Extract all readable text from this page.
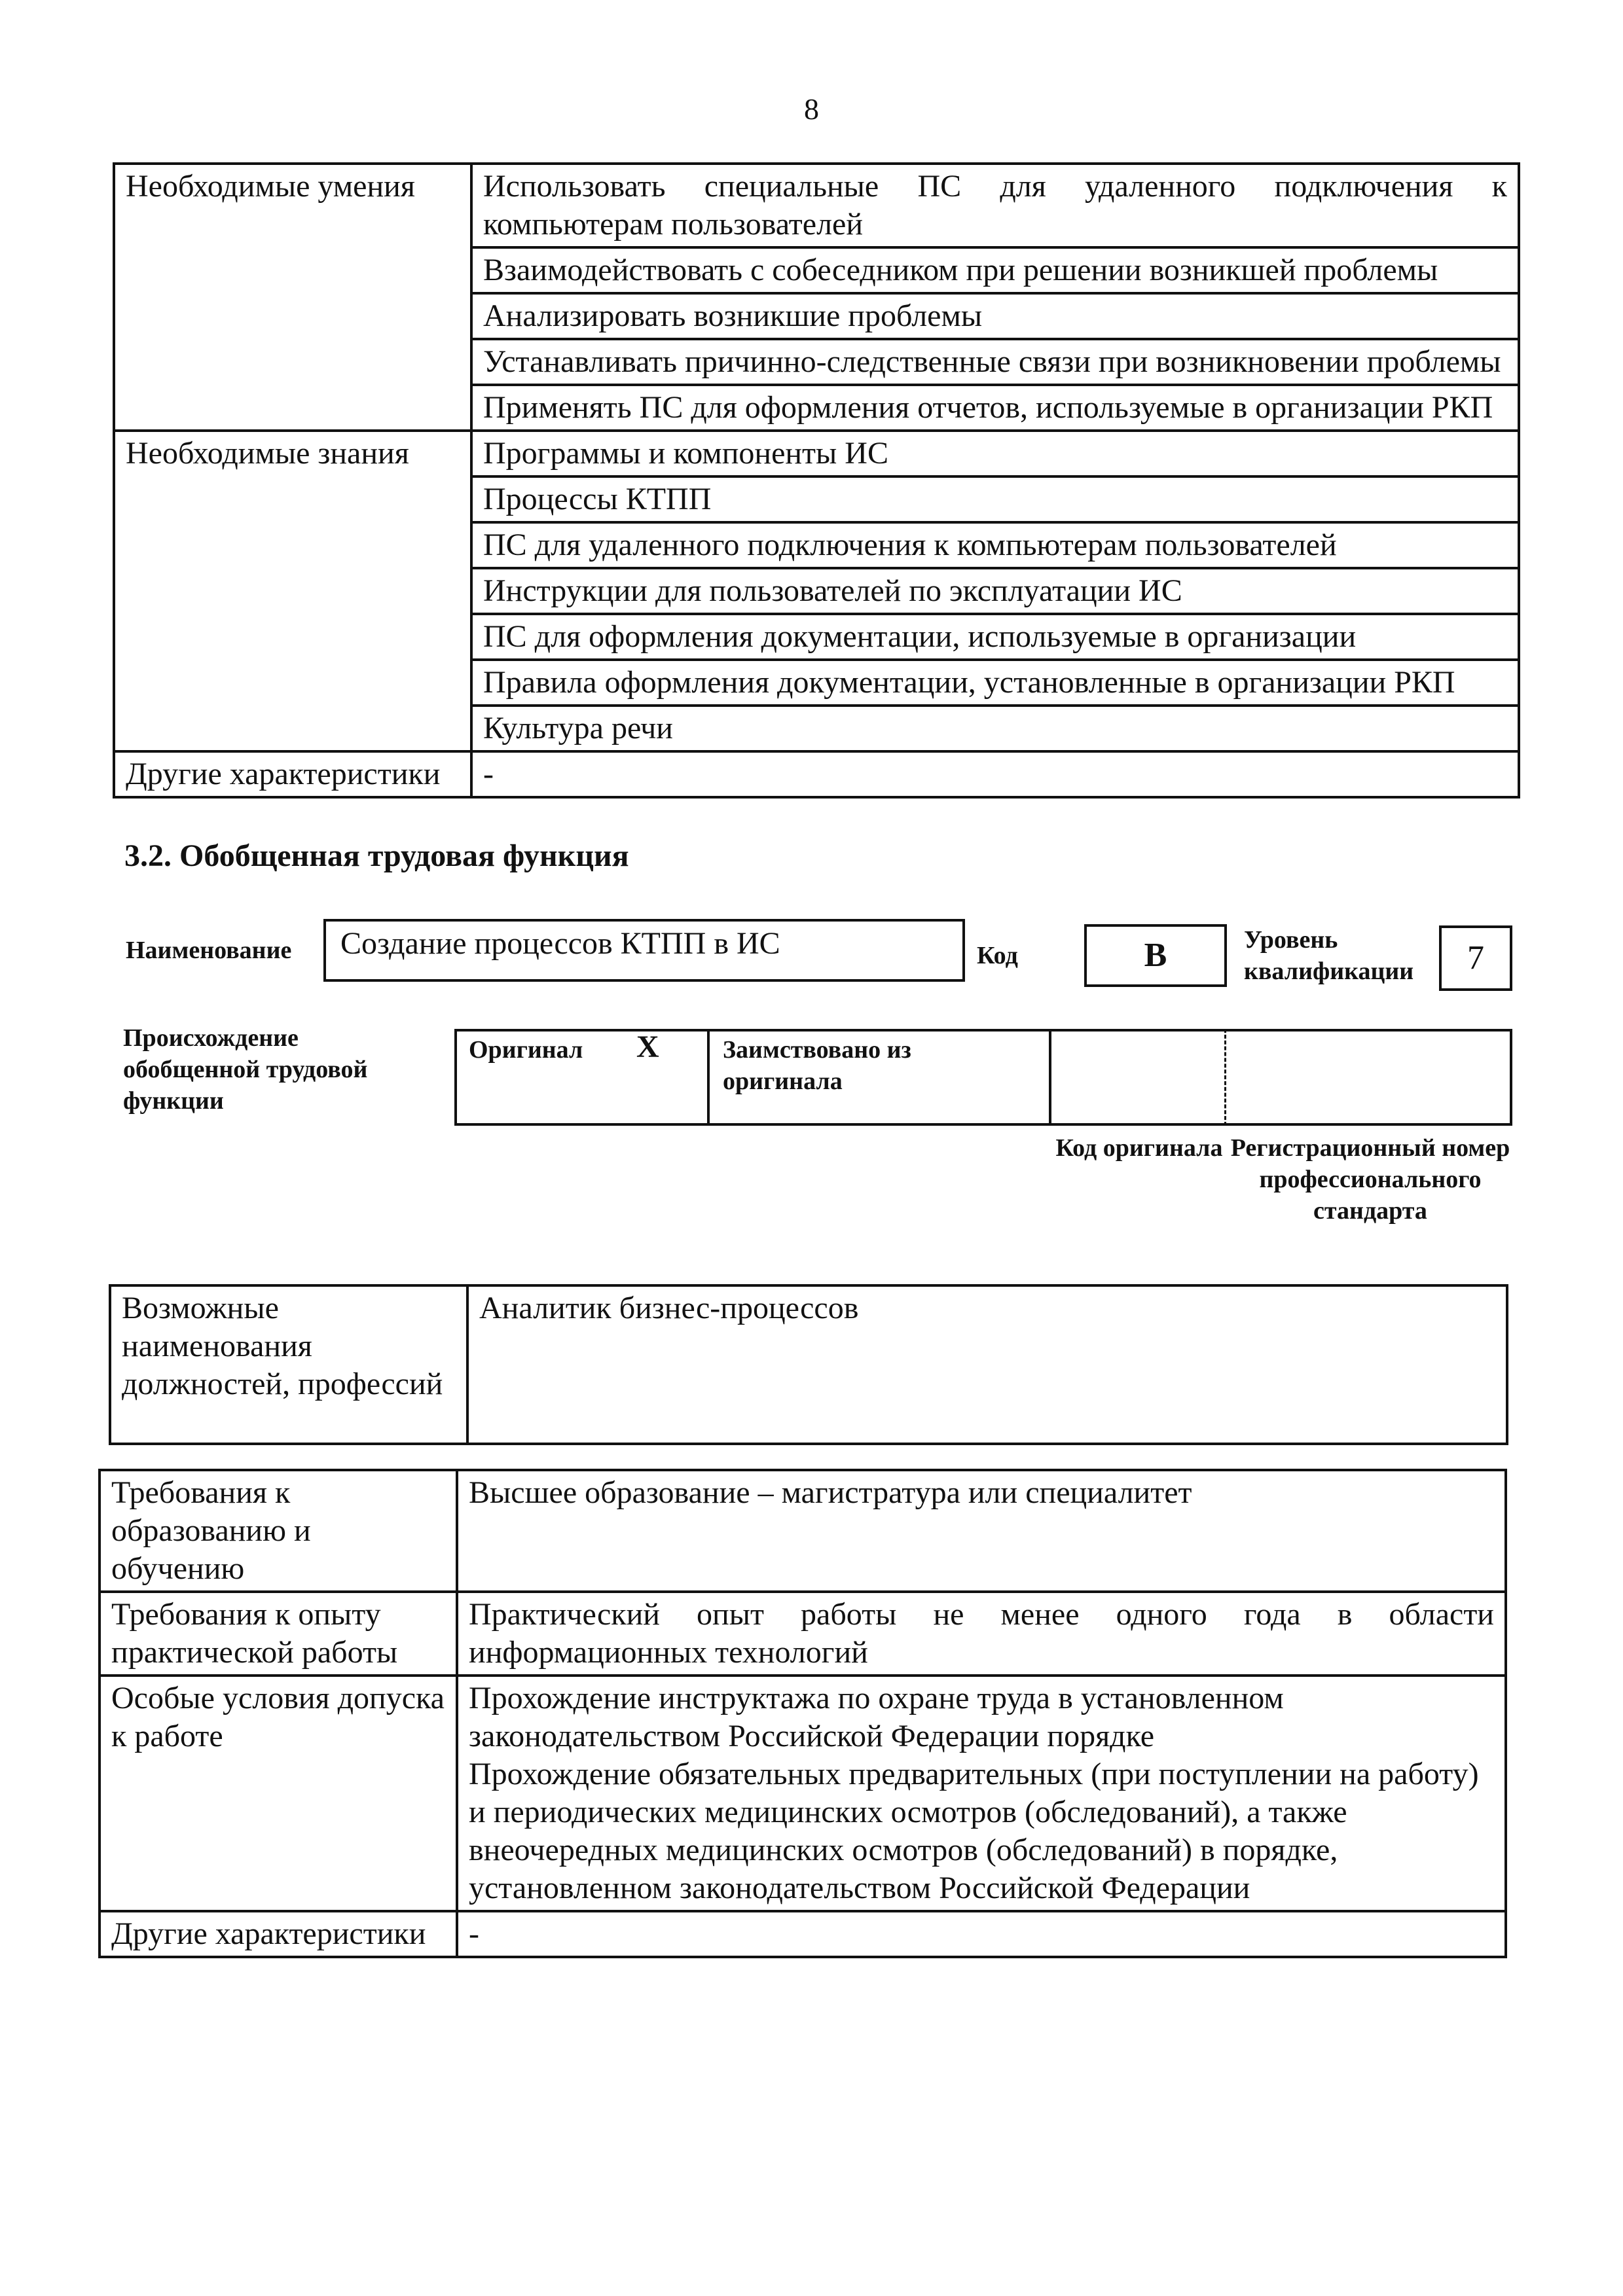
8
Необходимые умения	Использовать специальные ПС для удаленного подключения к компьютерам пользователей
	Взаимодействовать с собеседником при решении возникшей проблемы
	Анализировать возникшие проблемы
	Устанавливать причинно-следственные связи при возникновении проблемы
	Применять ПС для оформления отчетов, используемые в организации РКП
Необходимые знания	Программы и компоненты ИС
	Процессы КТПП
	ПС для удаленного подключения к компьютерам пользователей
	Инструкции для пользователей по эксплуатации ИС
	ПС для оформления документации, используемые в организации
	Правила оформления документации, установленные в организации РКП
	Культура речи
Другие характеристики	-
3.2. Обобщенная трудовая функция
Наименование	Создание процессов КТПП в ИС	Код	B	Уровень квалификации	7
Происхождение обобщенной трудовой функции
Оригинал X	Заимствовано из оригинала
Код оригинала Регистрационный номер профессионального стандарта
Возможные наименования должностей, профессий	Аналитик бизнес-процессов
Требования к образованию и обучению	Высшее образование – магистратура или специалитет
Требования к опыту практической работы	Практический опыт работы не менее одного года в области информационных технологий
Особые условия допуска к работе	Прохождение инструктажа по охране труда в установленном законодательством Российской Федерации порядке
Прохождение обязательных предварительных (при поступлении на работу) и периодических медицинских осмотров (обследований), а также внеочередных медицинских осмотров (обследований) в порядке, установленном законодательством Российской Федерации

Другие характеристики	-
